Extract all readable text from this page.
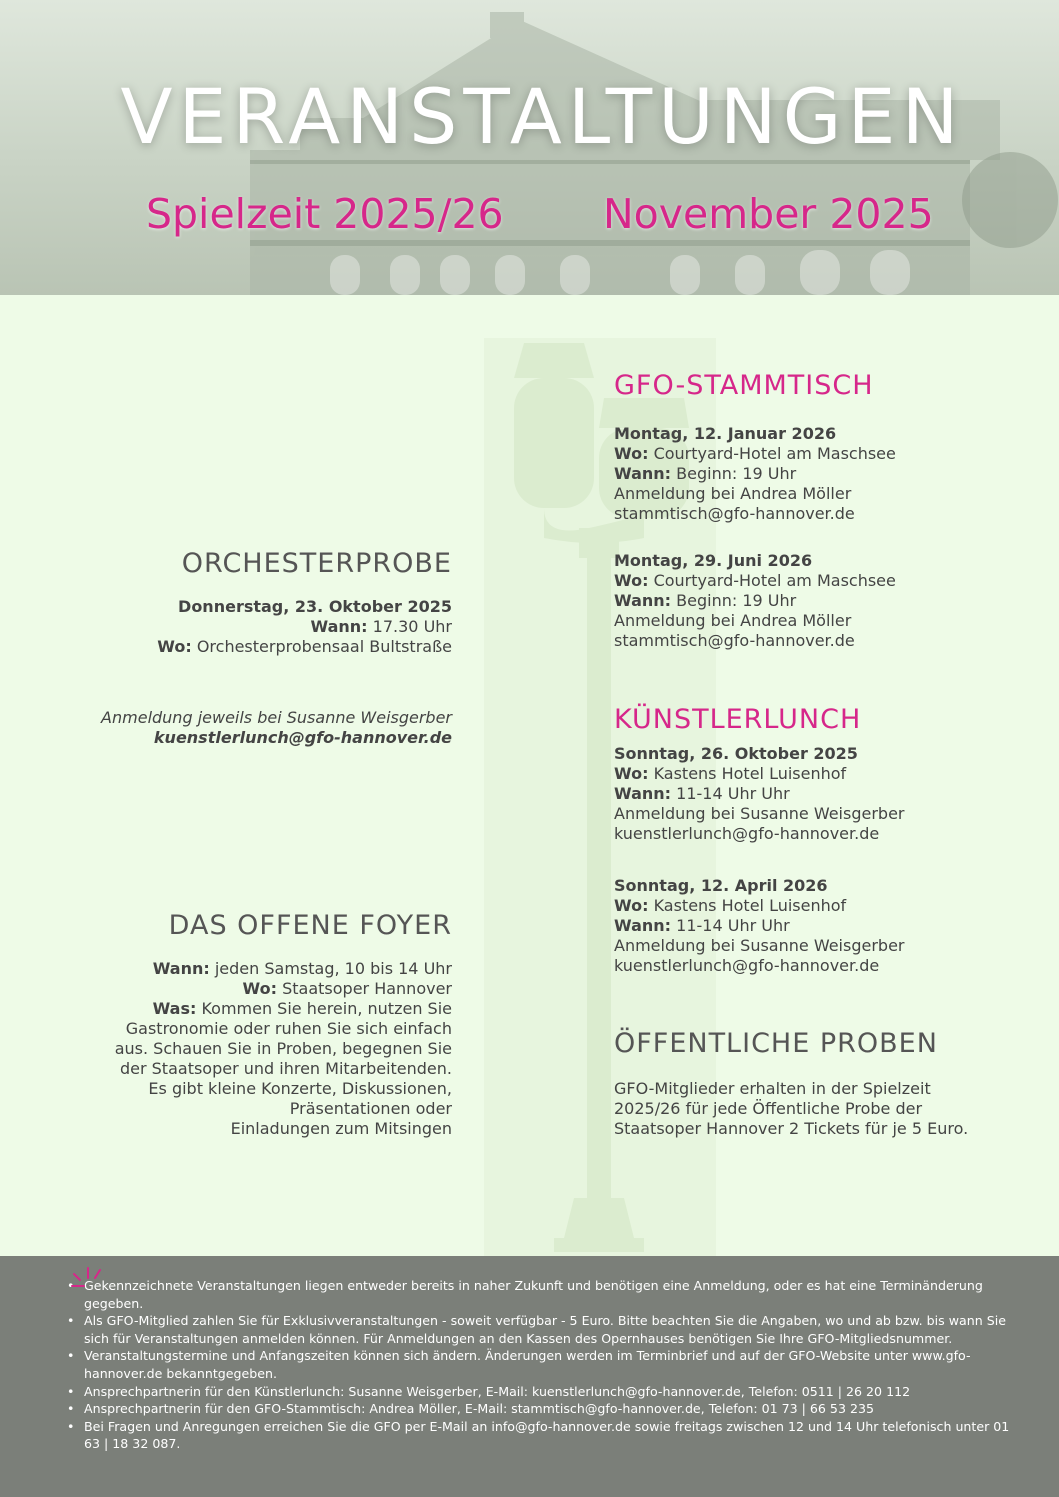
VERANSTALTUNGEN
Spielzeit 2025/26 November 2025
ORCHESTERPROBE
Donnerstag, 23. Oktober 2025
Wann: 17.30 Uhr
Wo: Orchesterprobensaal Bultstraße
Anmeldung jeweils bei Susanne Weisgerber
kuenstlerlunch@gfo-hannover.de
DAS OFFENE FOYER
Wann: jeden Samstag, 10 bis 14 Uhr
Wo: Staatsoper Hannover
Was: Kommen Sie herein, nutzen Sie
Gastronomie oder ruhen Sie sich einfach
aus. Schauen Sie in Proben, begegnen Sie
der Staatsoper und ihren Mitarbeitenden.
Es gibt kleine Konzerte, Diskussionen,
Präsentationen oder
Einladungen zum Mitsingen
GFO-STAMMTISCH
Montag, 12. Januar 2026
Wo: Courtyard-Hotel am Maschsee
Wann: Beginn: 19 Uhr
Anmeldung bei Andrea Möller
stammtisch@gfo-hannover.de
Montag, 29. Juni 2026
Wo: Courtyard-Hotel am Maschsee
Wann: Beginn: 19 Uhr
Anmeldung bei Andrea Möller
stammtisch@gfo-hannover.de
KÜNSTLERLUNCH
Sonntag, 26. Oktober 2025
Wo: Kastens Hotel Luisenhof
Wann: 11-14 Uhr Uhr
Anmeldung bei Susanne Weisgerber
kuenstlerlunch@gfo-hannover.de
Sonntag, 12. April 2026
Wo: Kastens Hotel Luisenhof
Wann: 11-14 Uhr Uhr
Anmeldung bei Susanne Weisgerber
kuenstlerlunch@gfo-hannover.de
ÖFFENTLICHE PROBEN
GFO-Mitglieder erhalten in der Spielzeit
2025/26 für jede Öffentliche Probe der
Staatsoper Hannover 2 Tickets für je 5 Euro.
• Gekennzeichnete Veranstaltungen liegen entweder bereits in naher Zukunft und benötigen eine Anmeldung, oder es hat eine Terminänderung gegeben.
• Als GFO-Mitglied zahlen Sie für Exklusivveranstaltungen - soweit verfügbar - 5 Euro. Bitte beachten Sie die Angaben, wo und ab bzw. bis wann Sie sich für Veranstaltungen anmelden können. Für Anmeldungen an den Kassen des Opernhauses benötigen Sie Ihre GFO-Mitgliedsnummer.
• Veranstaltungstermine und Anfangszeiten können sich ändern. Änderungen werden im Terminbrief und auf der GFO-Website unter www.gfo-hannover.de bekanntgegeben.
• Ansprechpartnerin für den Künstlerlunch: Susanne Weisgerber, E-Mail: kuenstlerlunch@gfo-hannover.de, Telefon: 0511 | 26 20 112
• Ansprechpartnerin für den GFO-Stammtisch: Andrea Möller, E-Mail: stammtisch@gfo-hannover.de, Telefon: 01 73 | 66 53 235
• Bei Fragen und Anregungen erreichen Sie die GFO per E-Mail an info@gfo-hannover.de sowie freitags zwischen 12 und 14 Uhr telefonisch unter 01 63 | 18 32 087.
